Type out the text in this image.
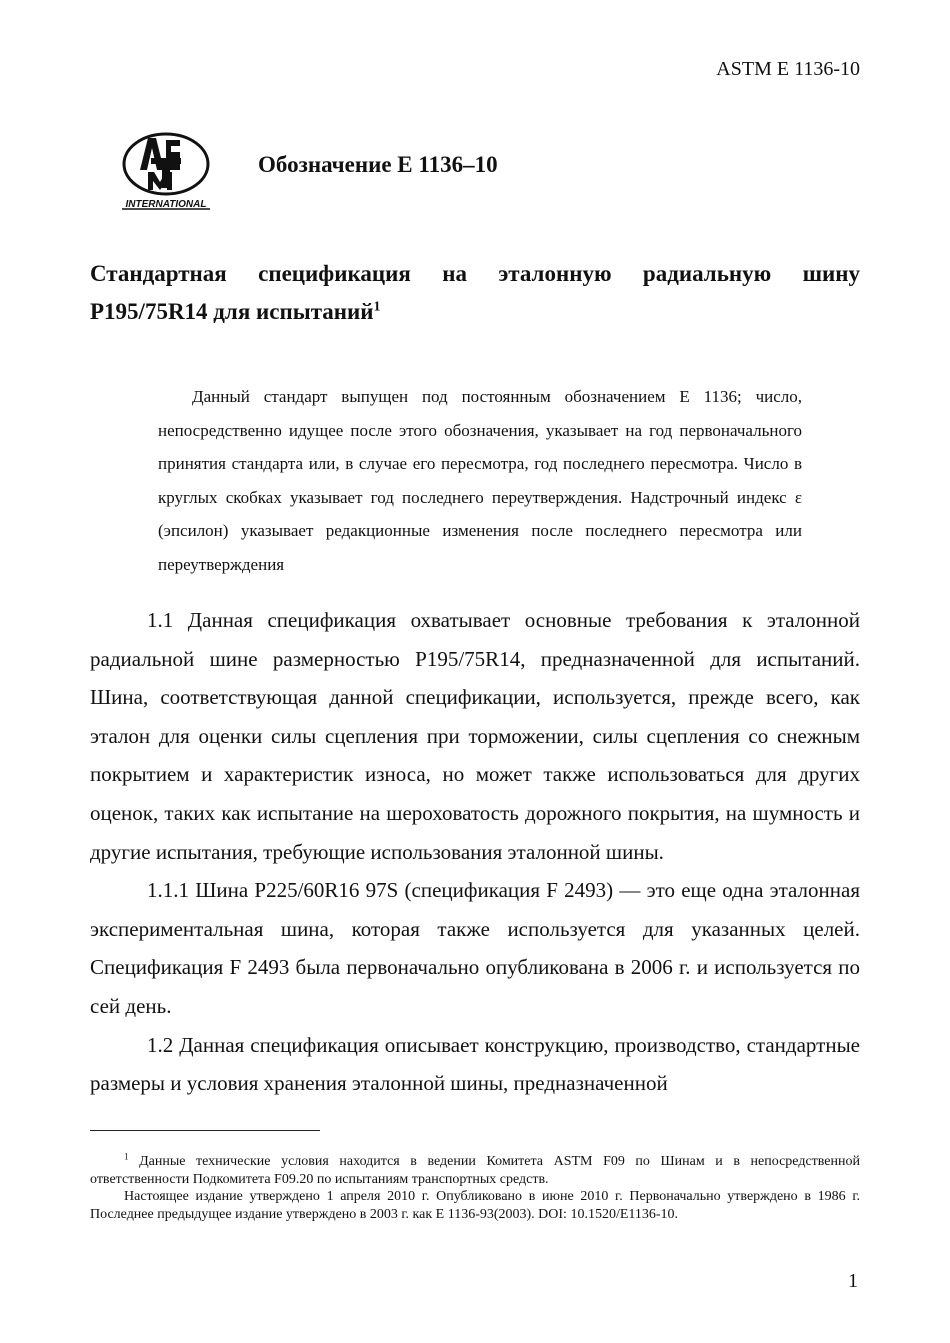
ASTM E 1136-10
INTERNATIONAL
Обозначение E 1136–10
Стандартная спецификация на эталонную радиальную шину
P195/75R14 для испытаний$^1$

Данный стандарт выпущен под постоянным обозначением E 1136; число, непосредственно идущее после этого обозначения, указывает на год первоначального принятия стандарта или, в случае его пересмотра, год последнего пересмотра. Число в круглых скобках указывает год последнего переутверждения. Надстрочный индекс ε (эпсилон) указывает редакционные изменения после последнего пересмотра или переутверждения

1.1 Данная спецификация охватывает основные требования к эталонной радиальной шине размерностью P195/75R14, предназначенной для испытаний. Шина, соответствующая данной спецификации, используется, прежде всего, как эталон для оценки силы сцепления при торможении, силы сцепления со снежным покрытием и характеристик износа, но может также использоваться для других оценок, таких как испытание на шероховатость дорожного покрытия, на шумность и другие испытания, требующие использования эталонной шины.

1.1.1 Шина P225/60R16 97S (спецификация F 2493) — это еще одна эталонная экспериментальная шина, которая также используется для указанных целей. Спецификация F 2493 была первоначально опубликована в 2006 г. и используется по сей день.

1.2 Данная спецификация описывает конструкцию, производство, стандартные размеры и условия хранения эталонной шины, предназначенной

$^1$ Данные технические условия находится в ведении Комитета ASTM F09 по Шинам и в непосредственной ответственности Подкомитета F09.20 по испытаниям транспортных средств.

Настоящее издание утверждено 1 апреля 2010 г. Опубликовано в июне 2010 г. Первоначально утверждено в 1986 г. Последнее предыдущее издание утверждено в 2003 г. как E 1136-93(2003). DOI: 10.1520/E1136-10.

1
